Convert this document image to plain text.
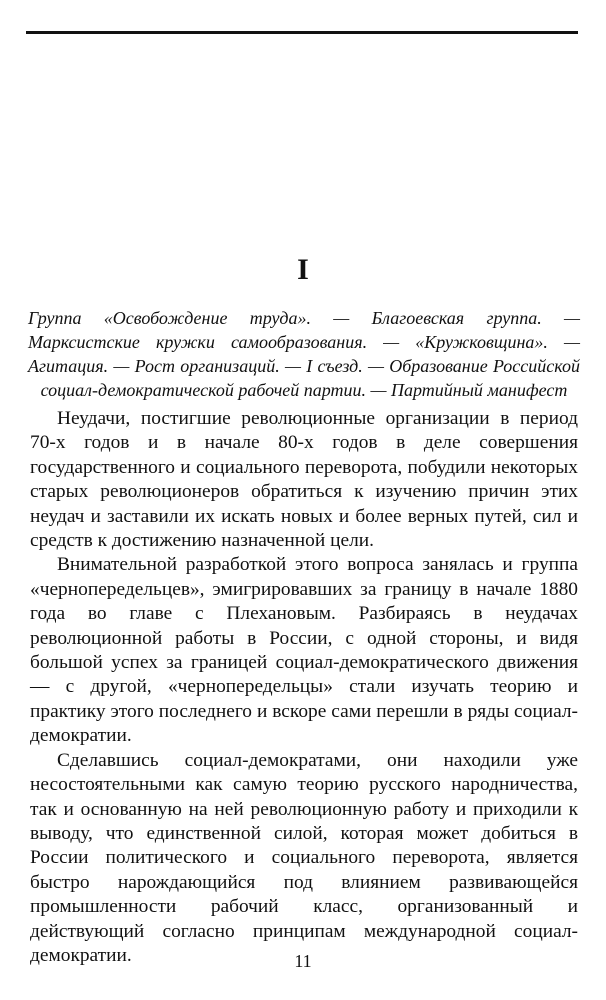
I
Группа «Освобождение труда». — Благоевская группа. — Марксистские кружки самообразования. — «Кружковщина». — Агитация. — Рост организаций. — I съезд. — Образование Российской социал-демократической рабочей партии. — Партийный манифест

Неудачи, постигшие революционные организации в период 70-х годов и в начале 80-х годов в деле совершения государственного и социального переворота, побудили некоторых старых революционеров обратиться к изучению причин этих неудач и заставили их искать новых и более верных путей, сил и средств к достижению назначенной цели.

Внимательной разработкой этого вопроса занялась и группа «чернопередельцев», эмигрировавших за границу в начале 1880 года во главе с Плехановым. Разбираясь в неудачах революционной работы в России, с одной стороны, и видя большой успех за границей социал-демократического движения — с другой, «чернопередельцы» стали изучать теорию и практику этого последнего и вскоре сами перешли в ряды социал-демократии.

Сделавшись социал-демократами, они находили уже несостоятельными как самую теорию русского народничества, так и основанную на ней революционную работу и приходили к выводу, что единственной силой, которая может добиться в России политического и социального переворота, является быстро нарождающийся под влиянием развивающейся промышленности рабочий класс, организованный и действующий согласно принципам международной социал-демократии.	11
